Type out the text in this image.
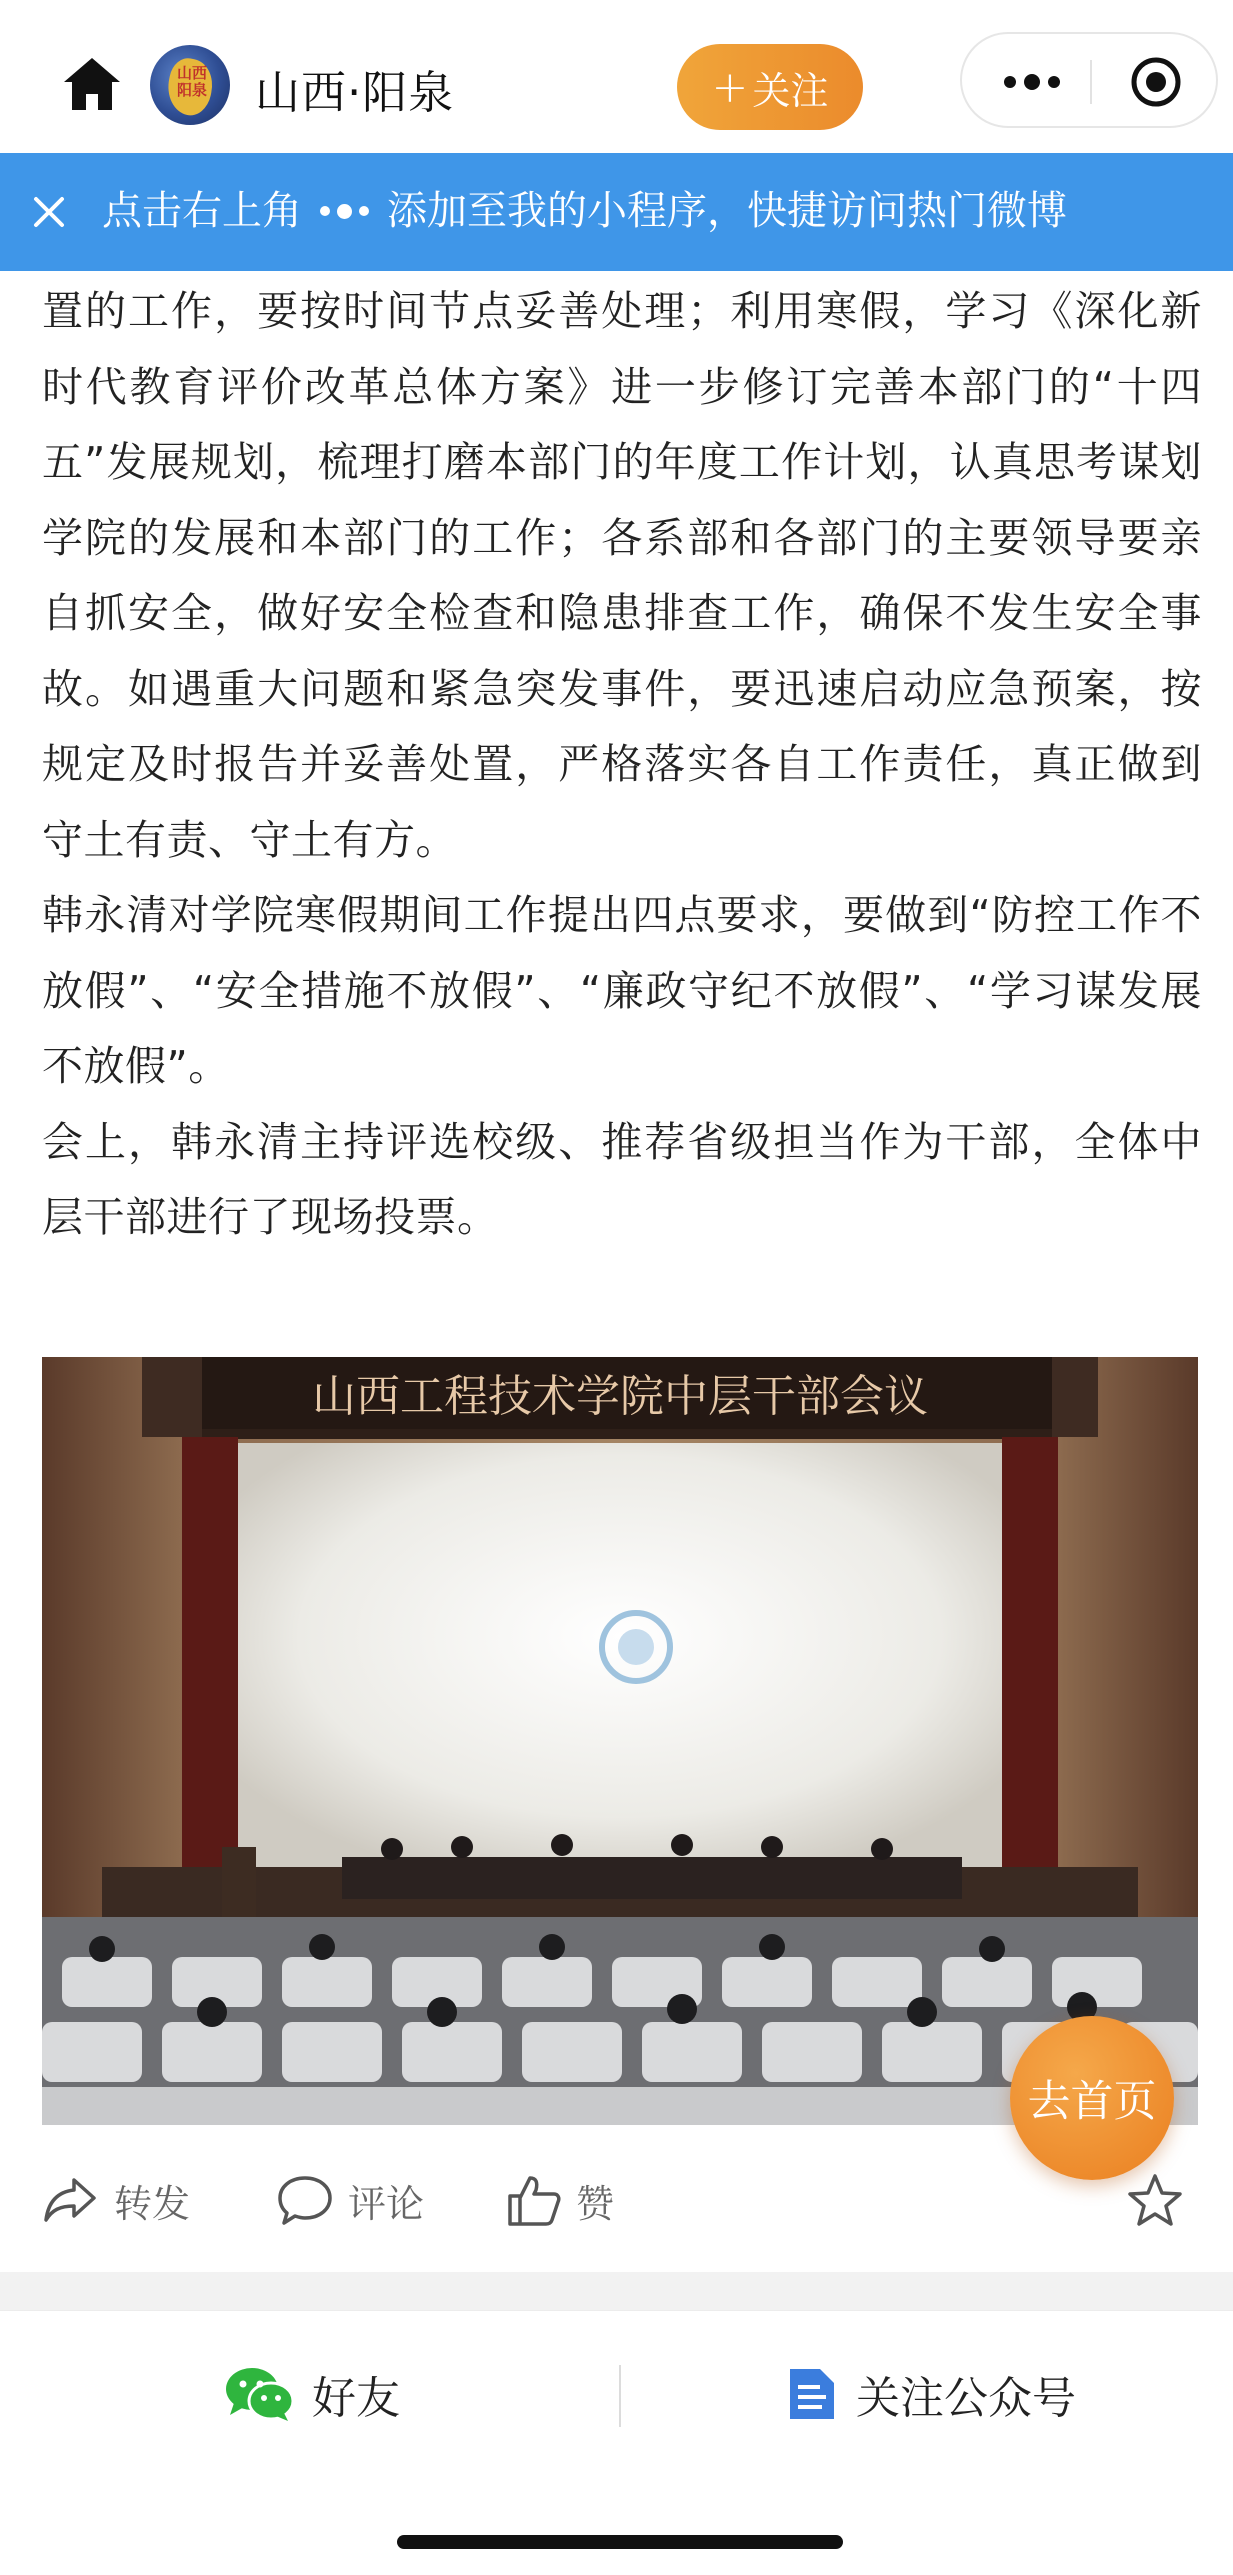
山西阳泉 山西·阳泉	+ 关注
点击右上角 添加至我的小程序，快捷访问热门微博

置的工作，要按时间节点妥善处理；利用寒假，学习《深化新时代教育评价改革总体方案》进一步修订完善本部门的“十四五”发展规划，梳理打磨本部门的年度工作计划，认真思考谋划学院的发展和本部门的工作；各系部和各部门的主要领导要亲自抓安全，做好安全检查和隐患排查工作，确保不发生安全事故。如遇重大问题和紧急突发事件，要迅速启动应急预案，按规定及时报告并妥善处置，严格落实各自工作责任，真正做到守土有责、守土有方。

韩永清对学院寒假期间工作提出四点要求，要做到“防控工作不放假”、“安全措施不放假”、“廉政守纪不放假”、“学习谋发展不放假”。

会上，韩永清主持评选校级、推荐省级担当作为干部，全体中层干部进行了现场投票。

山西工程技术学院中层干部会议
去首页
转发	评论	赞
好友	关注公众号
